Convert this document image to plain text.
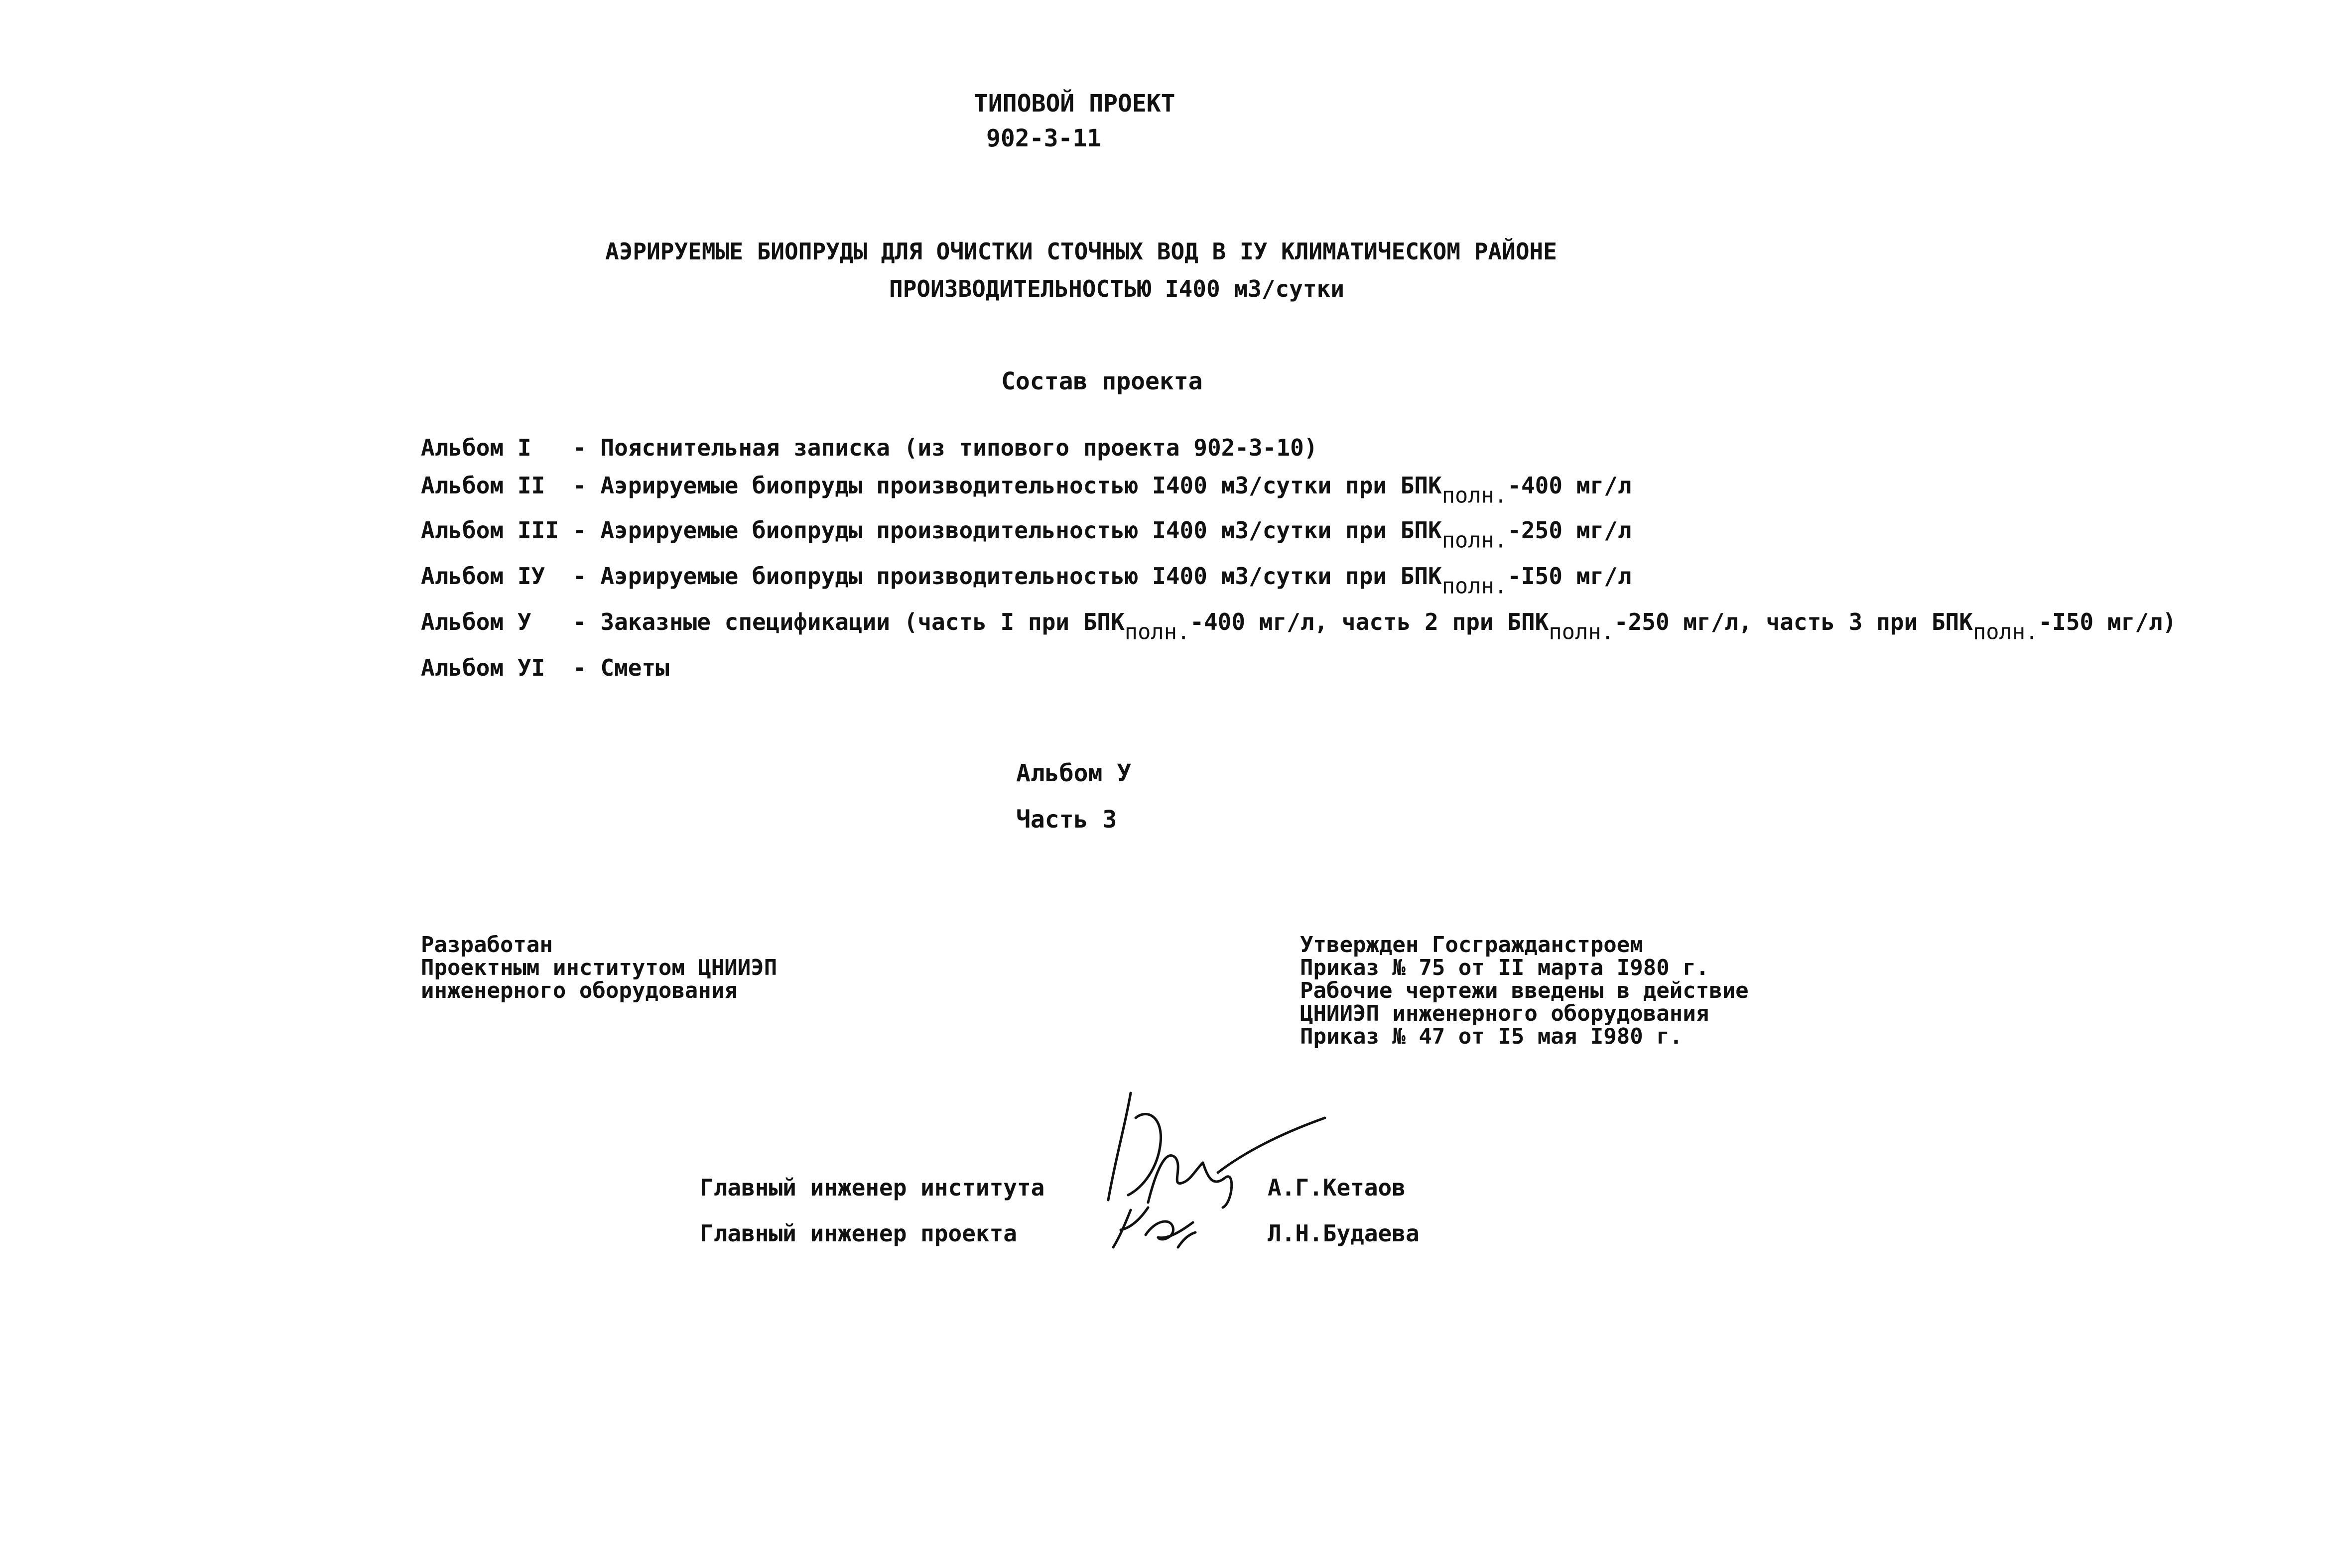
ТИПОВОЙ ПРОЕКТ
902-3-11
АЭРИРУЕМЫЕ БИОПРУДЫ ДЛЯ ОЧИСТКИ СТОЧНЫХ ВОД В IУ КЛИМАТИЧЕСКОМ РАЙОНЕ
ПРОИЗВОДИТЕЛЬНОСТЬЮ I400 м3/сутки
Состав проекта
Альбом I	- Пояснительная записка (из типового проекта 902-3-10)
Альбом II	- Аэрируемые биопруды производительностью I400 м3/сутки при БПКполн.-400 мг/л
Альбом III - Аэрируемые биопруды производительностью I400 м3/сутки при БПКполн.-250 мг/л
Альбом IУ	- Аэрируемые биопруды производительностью I400 м3/сутки при БПКполн.-I50 мг/л
Альбом У	- Заказные спецификации (часть I при БПКполн.-400 мг/л, часть 2 при БПКполн.-250 мг/л, часть 3 при БПКполн.-I50 мг/л)
Альбом УI	- Сметы
Альбом У
Часть 3
Разработан
Проектным институтом ЦНИИЭП
инженерного оборудования
Утвержден Госгражданстроем
Приказ № 75 от II марта I980 г.
Рабочие чертежи введены в действие
ЦНИИЭП инженерного оборудования
Приказ № 47 от I5 мая I980 г.
Главный инженер института	А.Г.Кетаов
Главный инженер проекта	Л.Н.Будаева
